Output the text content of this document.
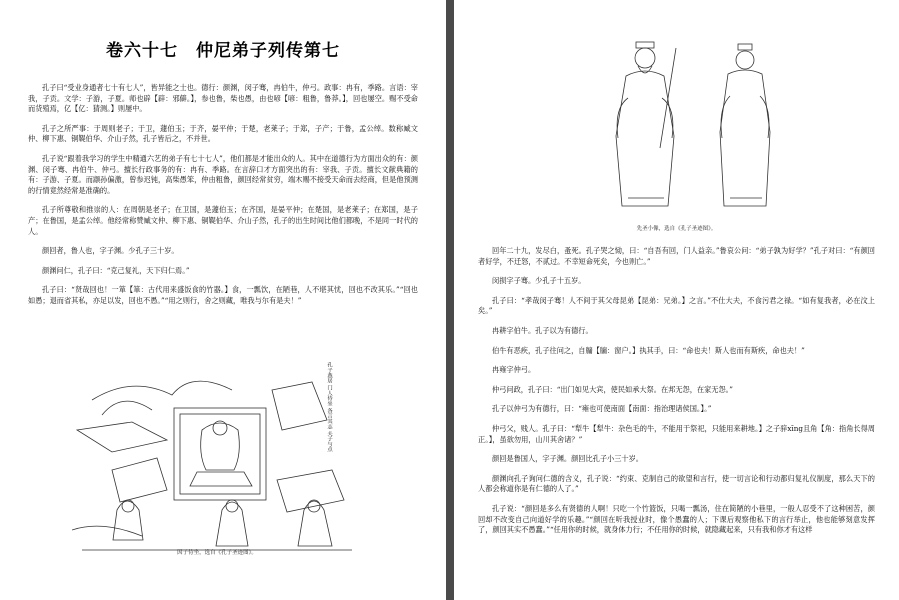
卷六十七　仲尼弟子列传第七

孔子曰“受业身通者七十有七人”，皆异能之士也。德行：颜渊，闵子骞，冉伯牛，仲弓。政事：冉有，季路。言语：宰我，子贡。文学：子游，子夏。师也辟【辟：邪僻。】，参也鲁，柴也愚，由也喭【喭：粗鲁，鲁莽。】，回也屡空。赐不受命而货殖焉，亿【亿：猜测。】则屡中。

孔子之所严事：于周则老子；于卫，蘧伯玉；于齐，晏平仲；于楚，老莱子；于郑，子产；于鲁，孟公绰。数称臧文仲、柳下惠、铜鞮伯华、介山子然，孔子皆后之，不并世。

孔子说“跟着我学习的学生中精通六艺的弟子有七十七人”，他们都是才能出众的人。其中在道德行为方面出众的有：颜渊、闵子骞、冉伯牛、仲弓。擅长行政事务的有：冉有、季路。在言辞口才方面突出的有：宰我、子贡。擅长文献典籍的有：子游、子夏。而颛孙偏激，曾参迟钝，高柴愚笨，仲由粗鲁，颜回经常贫穷，端木赐不接受天命而去经商，但是他预测的行情竟然经常是准确的。

孔子所尊敬和推崇的人：在周朝是老子；在卫国，是蘧伯玉；在齐国，是晏平仲；在楚国，是老莱子；在郑国，是子产；在鲁国，是孟公绰。他经常称赞臧文仲、柳下惠、铜鞮伯华、介山子然，孔子的出生时间比他们都晚，不是同一时代的人。

颜回者，鲁人也，字子渊。少孔子三十岁。

颜渊问仁，孔子曰：“克己复礼，天下归仁焉。”

孔子曰：“贤哉回也！一箪【箪：古代用来盛饭食的竹器。】食，一瓢饮，在陋巷，人不堪其忧，回也不改其乐。”“回也如愚；退而省其私，亦足以发，回也不愚。”“用之则行，舍之则藏，唯我与尔有是夫！”

孔子燕居 门人侍坐 各言其志 夫子与点
因子侍坐，选自《孔子圣迹图》。
先圣小像，选自《孔子圣迹图》。

回年二十九，发尽白，蚤死。孔子哭之恸，曰：“自吾有回，门人益亲。”鲁哀公问：“弟子孰为好学？”孔子对曰：“有颜回者好学，不迁怒，不贰过。不幸短命死矣，今也则亡。”

闵损字子骞。少孔子十五岁。

孔子曰：“孝哉闵子骞！人不间于其父母昆弟【昆弟：兄弟。】之言。”不仕大夫，不食污君之禄。“如有复我者，必在汶上矣。”

冉耕字伯牛。孔子以为有德行。

伯牛有恶疾，孔子往问之，自牖【牖：窗户。】执其手，曰：“命也夫！斯人也而有斯疾，命也夫！”

冉雍字仲弓。

仲弓问政，孔子曰：“出门如见大宾，使民如承大祭。在邦无怨，在家无怨。”

孔子以仲弓为有德行，曰：“雍也可使南面【南面：指治理诸侯国。】。”

仲弓父，贱人。孔子曰：“犁牛【犁牛：杂色毛的牛，不能用于祭祀，只能用来耕地。】之子骍xīng且角【角：指角长得周正。】，虽欲勿用，山川其舍诸？”

颜回是鲁国人，字子渊。颜回比孔子小三十岁。

颜渊向孔子询问仁德的含义，孔子说：“约束、克制自己的欲望和言行，使一切言论和行动都归复礼仪制度，那么天下的人都会称道你是有仁德的人了。”

孔子说：“颜回是多么有贤德的人啊！只吃一个竹篮饭，只喝一瓢汤，住在简陋的小巷里，一般人忍受不了这种困苦，颜回却不改变自己向道好学的乐趣。”“颜回在听我授业时，像个愚蠢的人；下课后观察他私下的言行举止，他也能够刻意发挥了，颜回其实不愚蠢。”“任用你的时候，就身体力行；不任用你的时候，就隐藏起来，只有我和你才有这样
